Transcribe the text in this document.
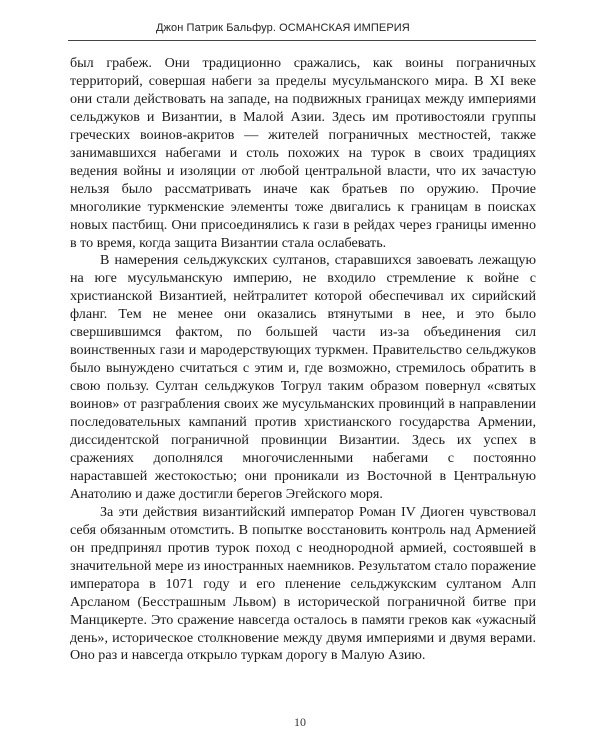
Джон Патрик Бальфур. ОСМАНСКАЯ ИМПЕРИЯ

был грабеж. Они традиционно сражались, как воины пограничных территорий, совершая набеги за пределы мусульманского мира. В XI веке они стали действовать на западе, на подвижных границах между империями сельджуков и Византии, в Малой Азии. Здесь им противостояли группы греческих воинов-акритов — жителей пограничных местностей, также занимавшихся набегами и столь похожих на турок в своих традициях ведения войны и изоляции от любой центральной власти, что их зачастую нельзя было рассматривать иначе как братьев по оружию. Прочие многоликие туркменские элементы тоже двигались к границам в поисках новых пастбищ. Они присоединялись к гази в рейдах через границы именно в то время, когда защита Византии стала ослабевать.

В намерения сельджукских султанов, старавшихся завоевать лежащую на юге мусульманскую империю, не входило стремление к войне с христианской Византией, нейтралитет которой обеспечивал их сирийский фланг. Тем не менее они оказались втянутыми в нее, и это было свершившимся фактом, по большей части из-за объединения сил воинственных гази и мародерствующих туркмен. Правительство сельджуков было вынуждено считаться с этим и, где возможно, стремилось обратить в свою пользу. Султан сельджуков Тогрул таким образом повернул «святых воинов» от разграбления своих же мусульманских провинций в направлении последовательных кампаний против христианского государства Армении, диссидентской пограничной провинции Византии. Здесь их успех в сражениях дополнялся многочисленными набегами с постоянно нараставшей жестокостью; они проникали из Восточной в Центральную Анатолию и даже достигли берегов Эгейского моря.

За эти действия византийский император Роман IV Диоген чувствовал себя обязанным отомстить. В попытке восстановить контроль над Арменией он предпринял против турок поход с неоднородной армией, состоявшей в значительной мере из иностранных наемников. Результатом стало поражение императора в 1071 году и его пленение сельджукским султаном Алп Арсланом (Бесстрашным Львом) в исторической пограничной битве при Манцикерте. Это сражение навсегда осталось в памяти греков как «ужасный день», историческое столкновение между двумя империями и двумя верами. Оно раз и навсегда открыло туркам дорогу в Малую Азию.

10
